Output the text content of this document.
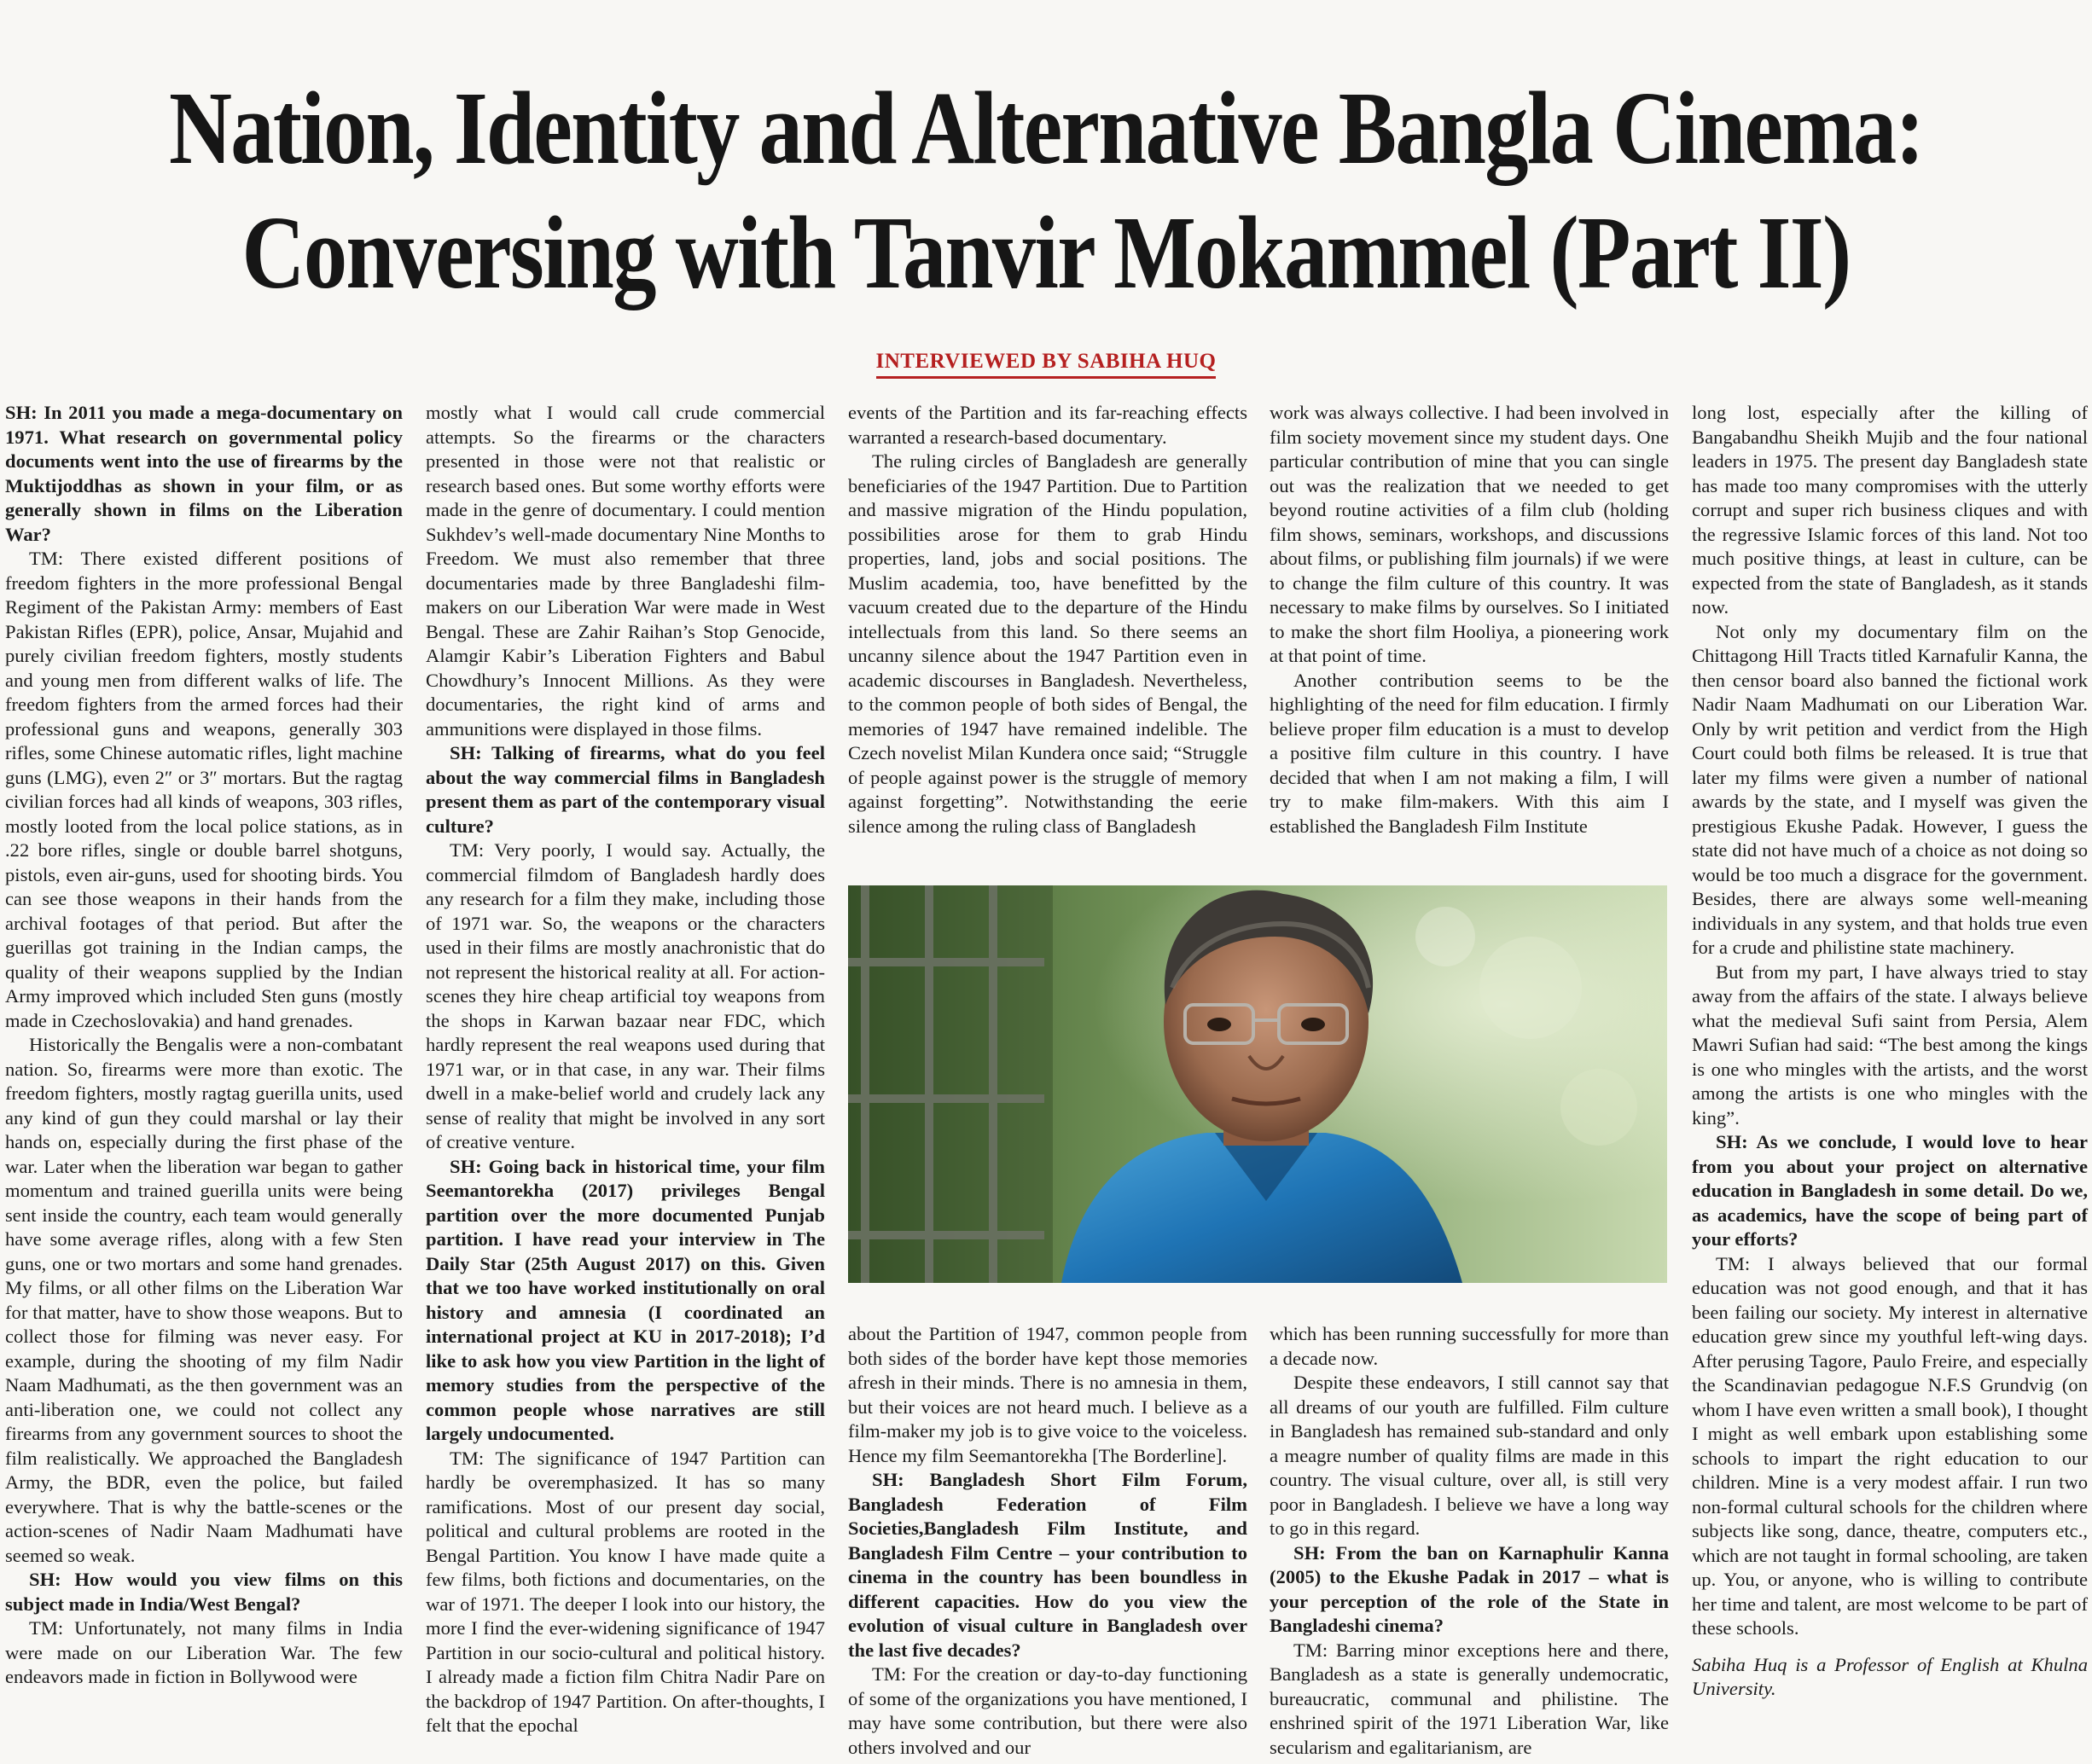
Nation, Identity and Alternative Bangla Cinema:
Conversing with Tanvir Mokammel (Part II)
INTERVIEWED BY SABIHA HUQ

SH: In 2011 you made a mega-documentary on 1971. What research on governmental policy documents went into the use of firearms by the Muktijoddhas as shown in your film, or as generally shown in films on the Liberation War?

TM: There existed different positions of freedom fighters in the more professional Bengal Regiment of the Pakistan Army: members of East Pakistan Rifles (EPR), police, Ansar, Mujahid and purely civilian freedom fighters, mostly students and young men from different walks of life. The freedom fighters from the armed forces had their professional guns and weapons, generally 303 rifles, some Chinese automatic rifles, light machine guns (LMG), even 2″ or 3″ mortars. But the ragtag civilian forces had all kinds of weapons, 303 rifles, mostly looted from the local police stations, as in .22 bore rifles, single or double barrel shotguns, pistols, even air-guns, used for shooting birds. You can see those weapons in their hands from the archival footages of that period. But after the guerillas got training in the Indian camps, the quality of their weapons supplied by the Indian Army improved which included Sten guns (mostly made in Czechoslovakia) and hand grenades.

Historically the Bengalis were a non-combatant nation. So, firearms were more than exotic. The freedom fighters, mostly ragtag guerilla units, used any kind of gun they could marshal or lay their hands on, especially during the first phase of the war. Later when the liberation war began to gather momentum and trained guerilla units were being sent inside the country, each team would generally have some average rifles, along with a few Sten guns, one or two mortars and some hand grenades. My films, or all other films on the Liberation War for that matter, have to show those weapons. But to collect those for filming was never easy. For example, during the shooting of my film Nadir Naam Madhumati, as the then government was an anti-liberation one, we could not collect any firearms from any government sources to shoot the film realistically. We approached the Bangladesh Army, the BDR, even the police, but failed everywhere. That is why the battle-scenes or the action-scenes of Nadir Naam Madhumati have seemed so weak.

SH: How would you view films on this subject made in India/West Bengal?

TM: Unfortunately, not many films in India were made on our Liberation War. The few endeavors made in fiction in Bollywood were

mostly what I would call crude commercial attempts. So the firearms or the characters presented in those were not that realistic or research based ones. But some worthy efforts were made in the genre of documentary. I could mention Sukhdev’s well-made documentary Nine Months to Freedom. We must also remember that three documentaries made by three Bangladeshi film-makers on our Liberation War were made in West Bengal. These are Zahir Raihan’s Stop Genocide, Alamgir Kabir’s Liberation Fighters and Babul Chowdhury’s Innocent Millions. As they were documentaries, the right kind of arms and ammunitions were displayed in those films.

SH: Talking of firearms, what do you feel about the way commercial films in Bangladesh present them as part of the contemporary visual culture?

TM: Very poorly, I would say. Actually, the commercial filmdom of Bangladesh hardly does any research for a film they make, including those of 1971 war. So, the weapons or the characters used in their films are mostly anachronistic that do not represent the historical reality at all. For action-scenes they hire cheap artificial toy weapons from the shops in Karwan bazaar near FDC, which hardly represent the real weapons used during that 1971 war, or in that case, in any war. Their films dwell in a make-belief world and crudely lack any sense of reality that might be involved in any sort of creative venture.

SH: Going back in historical time, your film Seemantorekha (2017) privileges Bengal partition over the more documented Punjab partition. I have read your interview in The Daily Star (25th August 2017) on this. Given that we too have worked institutionally on oral history and amnesia (I coordinated an international project at KU in 2017-2018); I’d like to ask how you view Partition in the light of memory studies from the perspective of the common people whose narratives are still largely undocumented.

TM: The significance of 1947 Partition can hardly be overemphasized. It has so many ramifications. Most of our present day social, political and cultural problems are rooted in the Bengal Partition. You know I have made quite a few films, both fictions and documentaries, on the war of 1971. The deeper I look into our history, the more I find the ever-widening significance of 1947 Partition in our socio-cultural and political history. I already made a fiction film Chitra Nadir Pare on the backdrop of 1947 Partition. On after-thoughts, I felt that the epochal

events of the Partition and its far-reaching effects warranted a research-based documentary.

The ruling circles of Bangladesh are generally beneficiaries of the 1947 Partition. Due to Partition and massive migration of the Hindu population, possibilities arose for them to grab Hindu properties, land, jobs and social positions. The Muslim academia, too, have benefitted by the vacuum created due to the departure of the Hindu intellectuals from this land. So there seems an uncanny silence about the 1947 Partition even in academic discourses in Bangladesh. Nevertheless, to the common people of both sides of Bengal, the memories of 1947 have remained indelible. The Czech novelist Milan Kundera once said; “Struggle of people against power is the struggle of memory against forgetting”. Notwithstanding the eerie silence among the ruling class of Bangladesh

work was always collective. I had been involved in film society movement since my student days. One particular contribution of mine that you can single out was the realization that we needed to get beyond routine activities of a film club (holding film shows, seminars, workshops, and discussions about films, or publishing film journals) if we were to change the film culture of this country. It was necessary to make films by ourselves. So I initiated to make the short film Hooliya, a pioneering work at that point of time.

Another contribution seems to be the highlighting of the need for film education. I firmly believe proper film education is a must to develop a positive film culture in this country. I have decided that when I am not making a film, I will try to make film-makers. With this aim I established the Bangladesh Film Institute

about the Partition of 1947, common people from both sides of the border have kept those memories afresh in their minds. There is no amnesia in them, but their voices are not heard much. I believe as a film-maker my job is to give voice to the voiceless. Hence my film Seemantorekha [The Borderline].

SH: Bangladesh Short Film Forum, Bangladesh Federation of Film Societies,Bangladesh Film Institute, and Bangladesh Film Centre – your contribution to cinema in the country has been boundless in different capacities. How do you view the evolution of visual culture in Bangladesh over the last five decades?

TM: For the creation or day-to-day functioning of some of the organizations you have mentioned, I may have some contribution, but there were also others involved and our

which has been running successfully for more than a decade now.

Despite these endeavors, I still cannot say that all dreams of our youth are fulfilled. Film culture in Bangladesh has remained sub-standard and only a meagre number of quality films are made in this country. The visual culture, over all, is still very poor in Bangladesh. I believe we have a long way to go in this regard.

SH: From the ban on Karnaphulir Kanna (2005) to the Ekushe Padak in 2017 – what is your perception of the role of the State in Bangladeshi cinema?

TM: Barring minor exceptions here and there, Bangladesh as a state is generally undemocratic, bureaucratic, communal and philistine. The enshrined spirit of the 1971 Liberation War, like secularism and egalitarianism, are

long lost, especially after the killing of Bangabandhu Sheikh Mujib and the four national leaders in 1975. The present day Bangladesh state has made too many compromises with the utterly corrupt and super rich business cliques and with the regressive Islamic forces of this land. Not too much positive things, at least in culture, can be expected from the state of Bangladesh, as it stands now.

Not only my documentary film on the Chittagong Hill Tracts titled Karnafulir Kanna, the then censor board also banned the fictional work Nadir Naam Madhumati on our Liberation War. Only by writ petition and verdict from the High Court could both films be released. It is true that later my films were given a number of national awards by the state, and I myself was given the prestigious Ekushe Padak. However, I guess the state did not have much of a choice as not doing so would be too much a disgrace for the government. Besides, there are always some well-meaning individuals in any system, and that holds true even for a crude and philistine state machinery.

But from my part, I have always tried to stay away from the affairs of the state. I always believe what the medieval Sufi saint from Persia, Alem Mawri Sufian had said: “The best among the kings is one who mingles with the artists, and the worst among the artists is one who mingles with the king”.

SH: As we conclude, I would love to hear from you about your project on alternative education in Bangladesh in some detail. Do we, as academics, have the scope of being part of your efforts?

TM: I always believed that our formal education was not good enough, and that it has been failing our society. My interest in alternative education grew since my youthful left-wing days. After perusing Tagore, Paulo Freire, and especially the Scandinavian pedagogue N.F.S Grundvig (on whom I have even written a small book), I thought I might as well embark upon establishing some schools to impart the right education to our children. Mine is a very modest affair. I run two non-formal cultural schools for the children where subjects like song, dance, theatre, computers etc., which are not taught in formal schooling, are taken up. You, or anyone, who is willing to contribute her time and talent, are most welcome to be part of these schools.

Sabiha Huq is a Professor of English at Khulna University.
